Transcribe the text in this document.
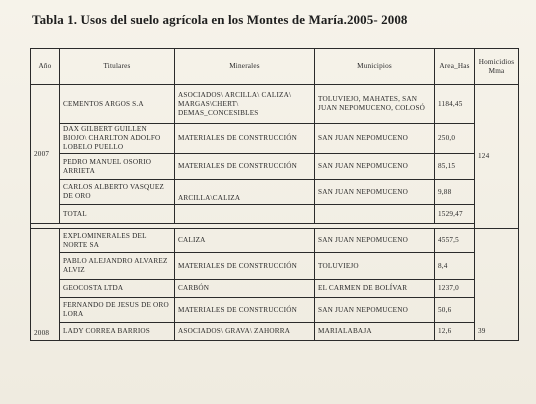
Tabla 1. Usos del suelo agrícola en los Montes de María.2005- 2008
Año	Titulares	Minerales	Municipios	Area_Has	Homicidios Mma
2007	CEMENTOS ARGOS S.A	ASOCIADOS\ ARCILLA\ CALIZA\ MARGAS\CHERT\ DEMAS_CONCESIBLES	TOLUVIEJO, MAHATES, SAN JUAN NEPOMUCENO, COLOSÓ	1184,45	124
	DAX GILBERT GUILLEN BIOJO\ CHARLTON ADOLFO LOBELO PUELLO	MATERIALES DE CONSTRUCCIÓN	SAN JUAN NEPOMUCENO	250,0	
	PEDRO MANUEL OSORIO ARRIETA	MATERIALES DE CONSTRUCCIÓN	SAN JUAN NEPOMUCENO	85,15	
	CARLOS ALBERTO VASQUEZ DE ORO	ARCILLA\CALIZA	SAN JUAN NEPOMUCENO	9,88	
	TOTAL			1529,47	

2008	EXPLOMINERALES DEL NORTE SA	CALIZA	SAN JUAN NEPOMUCENO	4557,5	39
	PABLO ALEJANDRO ALVAREZ ALVIZ	MATERIALES DE CONSTRUCCIÓN	TOLUVIEJO	8,4	
	GEOCOSTA LTDA	CARBÓN	EL CARMEN DE BOLÍVAR	1237,0	
	FERNANDO DE JESUS DE ORO LORA	MATERIALES DE CONSTRUCCIÓN	SAN JUAN NEPOMUCENO	50,6	
	LADY CORREA BARRIOS	ASOCIADOS\ GRAVA\ ZAHORRA	MARIALABAJA	12,6	
